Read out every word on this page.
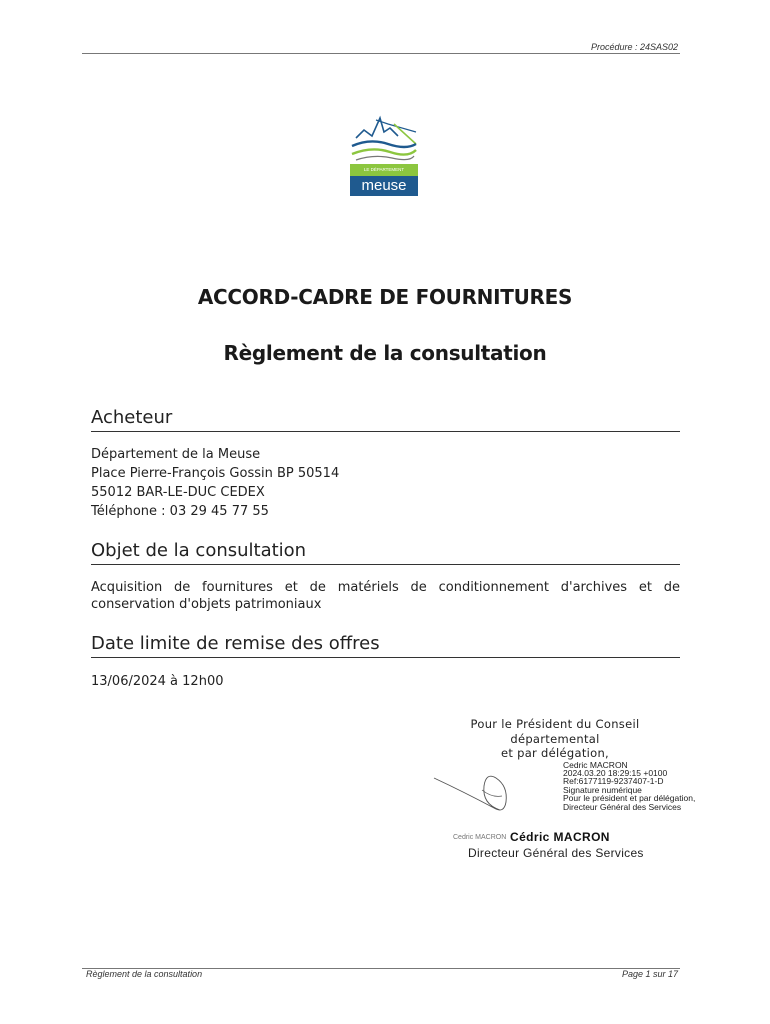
Procédure : 24SAS02
LE DÉPARTEMENT
meuse
ACCORD-CADRE DE FOURNITURES
Règlement de la consultation
Acheteur
Département de la Meuse
Place Pierre-François Gossin BP 50514
55012 BAR-LE-DUC CEDEX
Téléphone : 03 29 45 77 55
Objet de la consultation
Acquisition de fournitures et de matériels de conditionnement d'archives et de conservation d'objets patrimoniaux
Date limite de remise des offres
13/06/2024 à 12h00
Pour le Président du Conseil
départemental
et par délégation,
Cedric MACRON
2024.03.20 18:29:15 +0100
Ref:6177119-9237407-1-D
Signature numérique
Pour le président et par délégation,
Directeur Général des Services
Cedric MACRON Cédric MACRON
Directeur Général des Services
Règlement de la consultation	Page 1 sur 17
